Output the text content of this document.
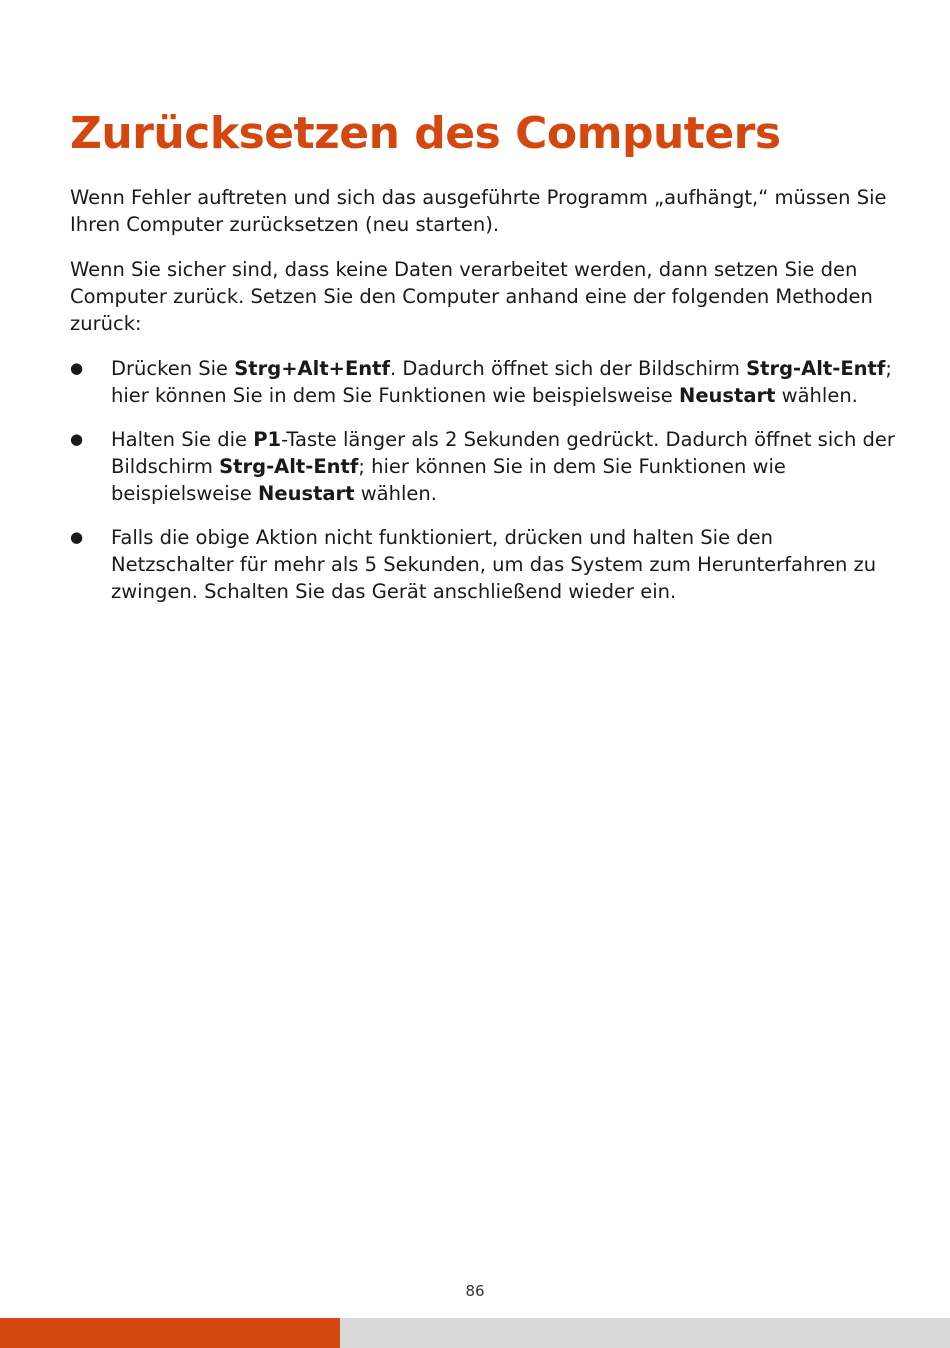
Zurücksetzen des Computers

Wenn Fehler auftreten und sich das ausgeführte Programm „aufhängt,“ müssen Sie Ihren Computer zurücksetzen (neu starten).

Wenn Sie sicher sind, dass keine Daten verarbeitet werden, dann setzen Sie den Computer zurück. Setzen Sie den Computer anhand eine der folgenden Methoden zurück:

● Drücken Sie Strg+Alt+Entf. Dadurch öffnet sich der Bildschirm Strg-Alt-Entf; hier können Sie in dem Sie Funktionen wie beispielsweise Neustart wählen.
● Halten Sie die P1-Taste länger als 2 Sekunden gedrückt. Dadurch öffnet sich der Bildschirm Strg-Alt-Entf; hier können Sie in dem Sie Funktionen wie beispielsweise Neustart wählen.
● Falls die obige Aktion nicht funktioniert, drücken und halten Sie den Netzschalter für mehr als 5 Sekunden, um das System zum Herunterfahren zu zwingen. Schalten Sie das Gerät anschließend wieder ein.
86
